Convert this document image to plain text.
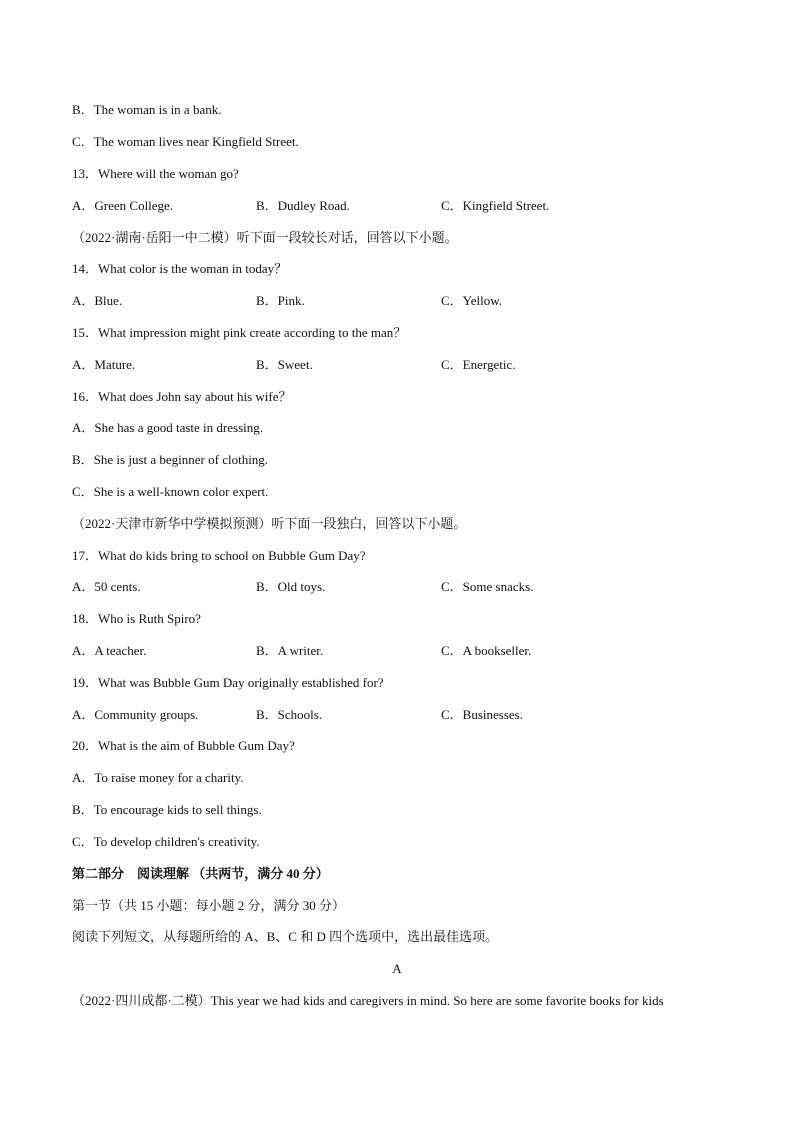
B．The woman is in a bank.
C．The woman lives near Kingfield Street.
13．Where will the woman go?
A．Green College.	B．Dudley Road.	C．Kingfield Street.
（2022·湖南·岳阳一中二模）听下面一段较长对话，回答以下小题。
14．What color is the woman in today？
A．Blue.	B．Pink.	C．Yellow.
15．What impression might pink create according to the man？
A．Mature.	B．Sweet.	C．Energetic.
16．What does John say about his wife？
A．She has a good taste in dressing.
B．She is just a beginner of clothing.
C．She is a well-known color expert.
（2022·天津市新华中学模拟预测）听下面一段独白，回答以下小题。
17．What do kids bring to school on Bubble Gum Day?
A．50 cents.	B．Old toys.	C．Some snacks.
18．Who is Ruth Spiro?
A．A teacher.	B．A writer.	C．A bookseller.
19．What was Bubble Gum Day originally established for?
A．Community groups.	B．Schools.	C．Businesses.
20．What is the aim of Bubble Gum Day?
A．To raise money for a charity.
B．To encourage kids to sell things.
C．To develop children's creativity.
第二部分　阅读理解 （共两节，满分 40 分）
第一节（共 15 小题：每小题 2 分，满分 30 分）
阅读下列短文，从每题所给的 A、B、C 和 D 四个选项中，选出最佳选项。
A
（2022·四川成都·二模）This year we had kids and caregivers in mind. So here are some favorite books for kids
